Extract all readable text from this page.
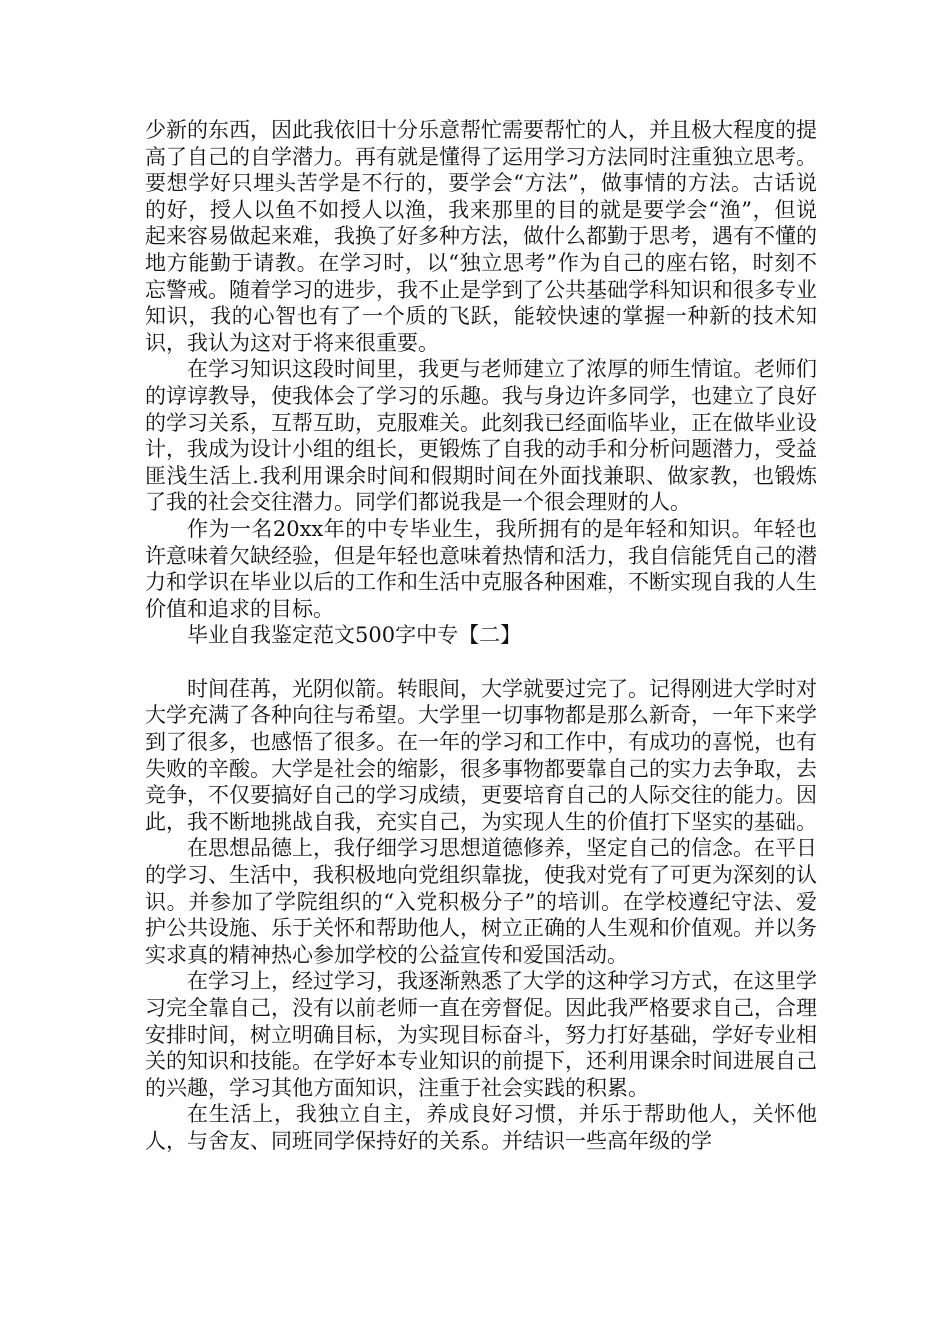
少新的东西，因此我依旧十分乐意帮忙需要帮忙的人，并且极大程度的提高了自己的自学潜力。再有就是懂得了运用学习方法同时注重独立思考。要想学好只埋头苦学是不行的，要学会“方法”，做事情的方法。古话说的好，授人以鱼不如授人以渔，我来那里的目的就是要学会“渔”，但说起来容易做起来难，我换了好多种方法，做什么都勤于思考，遇有不懂的地方能勤于请教。在学习时，以“独立思考”作为自己的座右铭，时刻不忘警戒。随着学习的进步，我不止是学到了公共基础学科知识和很多专业知识，我的心智也有了一个质的飞跃，能较快速的掌握一种新的技术知识，我认为这对于将来很重要。

在学习知识这段时间里，我更与老师建立了浓厚的师生情谊。老师们的谆谆教导，使我体会了学习的乐趣。我与身边许多同学，也建立了良好的学习关系，互帮互助，克服难关。此刻我已经面临毕业，正在做毕业设计，我成为设计小组的组长，更锻炼了自我的动手和分析问题潜力，受益匪浅生活上.我利用课余时间和假期时间在外面找兼职、做家教，也锻炼了我的社会交往潜力。同学们都说我是一个很会理财的人。

作为一名20xx年的中专毕业生，我所拥有的是年轻和知识。年轻也许意味着欠缺经验，但是年轻也意味着热情和活力，我自信能凭自己的潜力和学识在毕业以后的工作和生活中克服各种困难，不断实现自我的人生价值和追求的目标。

毕业自我鉴定范文500字中专【二】

时间荏苒，光阴似箭。转眼间，大学就要过完了。记得刚进大学时对大学充满了各种向往与希望。大学里一切事物都是那么新奇，一年下来学到了很多，也感悟了很多。在一年的学习和工作中，有成功的喜悦，也有失败的辛酸。大学是社会的缩影，很多事物都要靠自己的实力去争取，去竞争，不仅要搞好自己的学习成绩，更要培育自己的人际交往的能力。因此，我不断地挑战自我，充实自己，为实现人生的价值打下坚实的基础。

在思想品德上，我仔细学习思想道德修养，坚定自己的信念。在平日的学习、生活中，我积极地向党组织靠拢，使我对党有了可更为深刻的认识。并参加了学院组织的“入党积极分子”的培训。在学校遵纪守法、爱护公共设施、乐于关怀和帮助他人，树立正确的人生观和价值观。并以务实求真的精神热心参加学校的公益宣传和爱国活动。

在学习上，经过学习，我逐渐熟悉了大学的这种学习方式，在这里学习完全靠自己，没有以前老师一直在旁督促。因此我严格要求自己，合理安排时间，树立明确目标，为实现目标奋斗，努力打好基础，学好专业相关的知识和技能。在学好本专业知识的前提下，还利用课余时间进展自己的兴趣，学习其他方面知识，注重于社会实践的积累。

在生活上，我独立自主，养成良好习惯，并乐于帮助他人，关怀他人，与舍友、同班同学保持好的关系。并结识一些高年级的学
